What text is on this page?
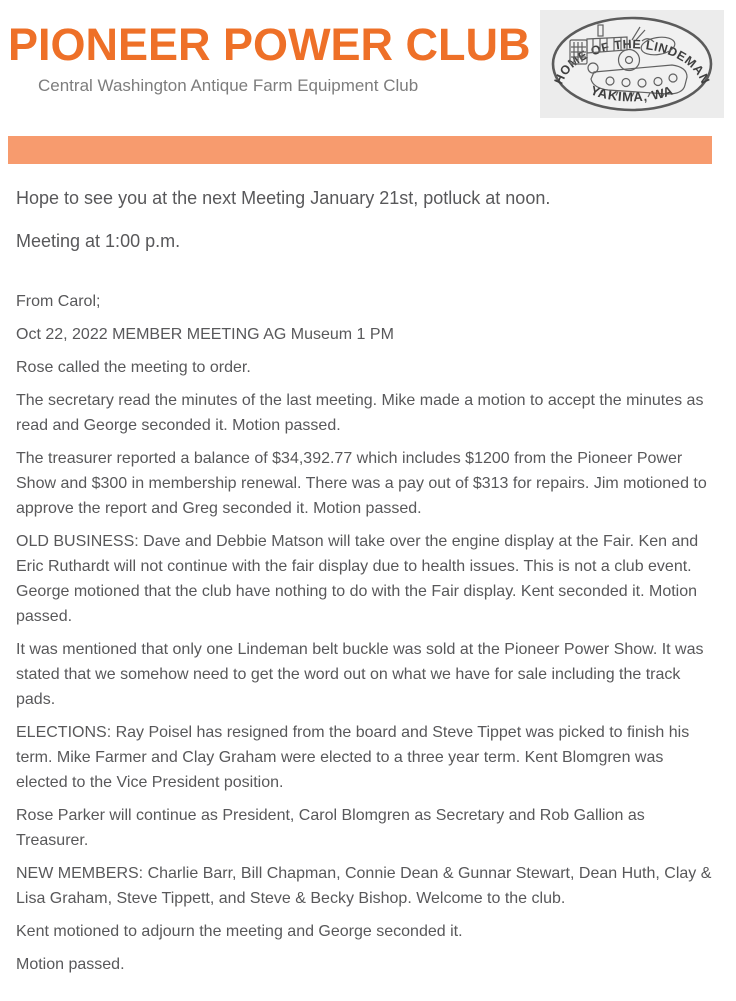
PIONEER POWER CLUB

Central Washington Antique Farm Equipment Club	HOME OF THE LINDEMAN
YAKIMA, WA

Hope to see you at the next Meeting January 21st, potluck at noon.

Meeting at 1:00 p.m.

From Carol;

Oct 22, 2022 MEMBER MEETING AG Museum 1 PM

Rose called the meeting to order.

The secretary read the minutes of the last meeting. Mike made a motion to accept the minutes as read and George seconded it. Motion passed.

The treasurer reported a balance of $34,392.77 which includes $1200 from the Pioneer Power Show and $300 in membership renewal. There was a pay out of $313 for repairs. Jim motioned to approve the report and Greg seconded it. Motion passed.

OLD BUSINESS: Dave and Debbie Matson will take over the engine display at the Fair. Ken and Eric Ruthardt will not continue with the fair display due to health issues. This is not a club event. George motioned that the club have nothing to do with the Fair display. Kent seconded it. Motion passed.

It was mentioned that only one Lindeman belt buckle was sold at the Pioneer Power Show. It was stated that we somehow need to get the word out on what we have for sale including the track pads.

ELECTIONS: Ray Poisel has resigned from the board and Steve Tippet was picked to finish his term. Mike Farmer and Clay Graham were elected to a three year term. Kent Blomgren was elected to the Vice President position.

Rose Parker will continue as President, Carol Blomgren as Secretary and Rob Gallion as Treasurer.

NEW MEMBERS: Charlie Barr, Bill Chapman, Connie Dean & Gunnar Stewart, Dean Huth, Clay & Lisa Graham, Steve Tippett, and Steve & Becky Bishop. Welcome to the club.

Kent motioned to adjourn the meeting and George seconded it.

Motion passed.
